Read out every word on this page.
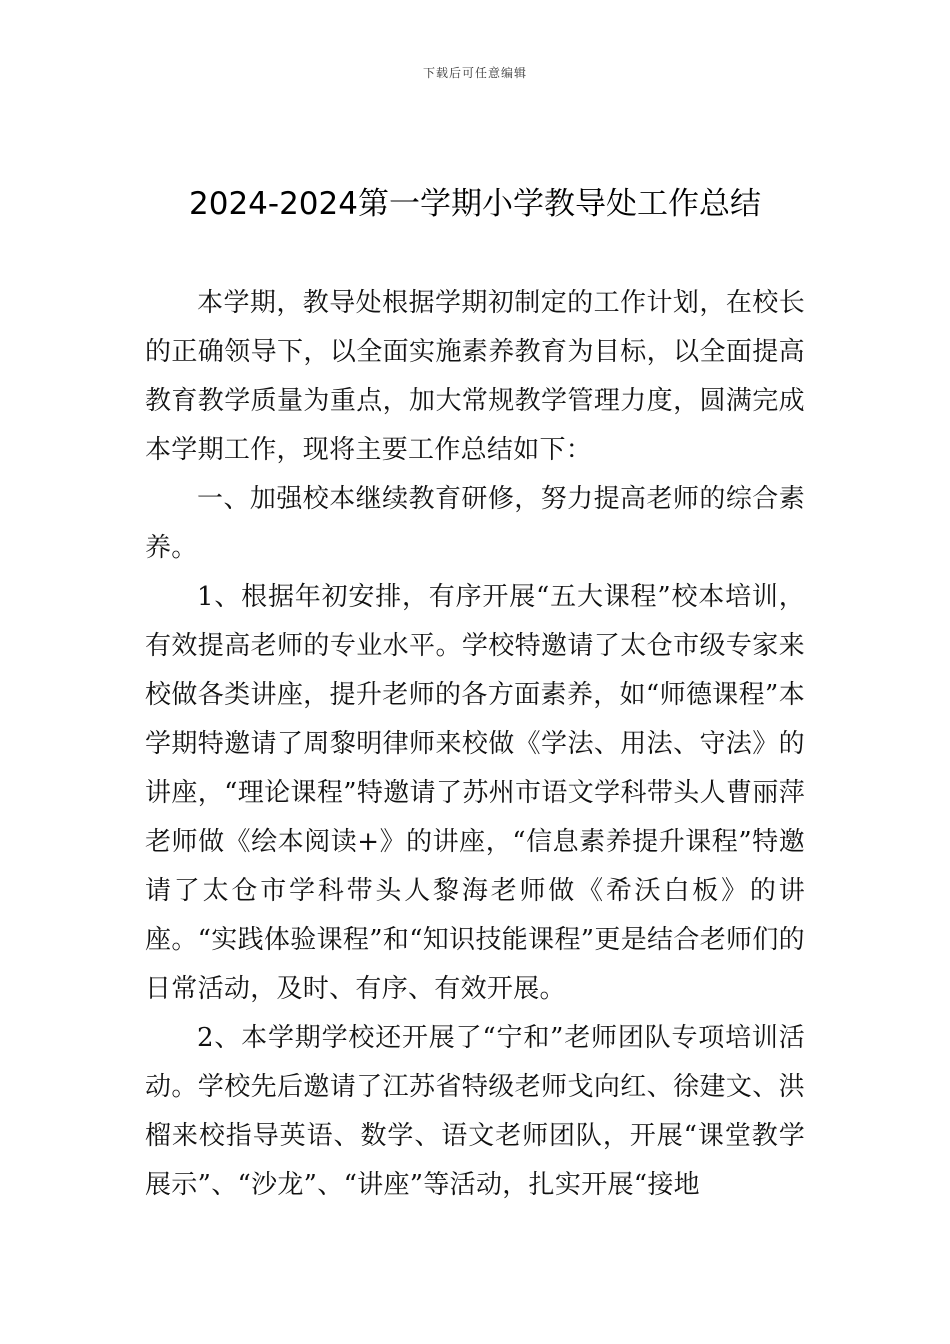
下载后可任意编辑
2024-2024第一学期小学教导处工作总结

本学期，教导处根据学期初制定的工作计划，在校长的正确领导下，以全面实施素养教育为目标，以全面提高教育教学质量为重点，加大常规教学管理力度，圆满完成本学期工作，现将主要工作总结如下：

一、加强校本继续教育研修，努力提高老师的综合素养。

1、根据年初安排，有序开展“五大课程”校本培训，有效提高老师的专业水平。学校特邀请了太仓市级专家来校做各类讲座，提升老师的各方面素养，如“师德课程”本学期特邀请了周黎明律师来校做《学法、用法、守法》的讲座，“理论课程”特邀请了苏州市语文学科带头人曹丽萍老师做《绘本阅读+》的讲座，“信息素养提升课程”特邀请了太仓市学科带头人黎海老师做《希沃白板》的讲座。“实践体验课程”和“知识技能课程”更是结合老师们的日常活动，及时、有序、有效开展。

2、本学期学校还开展了“宁和”老师团队专项培训活动。学校先后邀请了江苏省特级老师戈向红、徐建文、洪榴来校指导英语、数学、语文老师团队，开展“课堂教学展示”、“沙龙”、“讲座”等活动，扎实开展“接地
